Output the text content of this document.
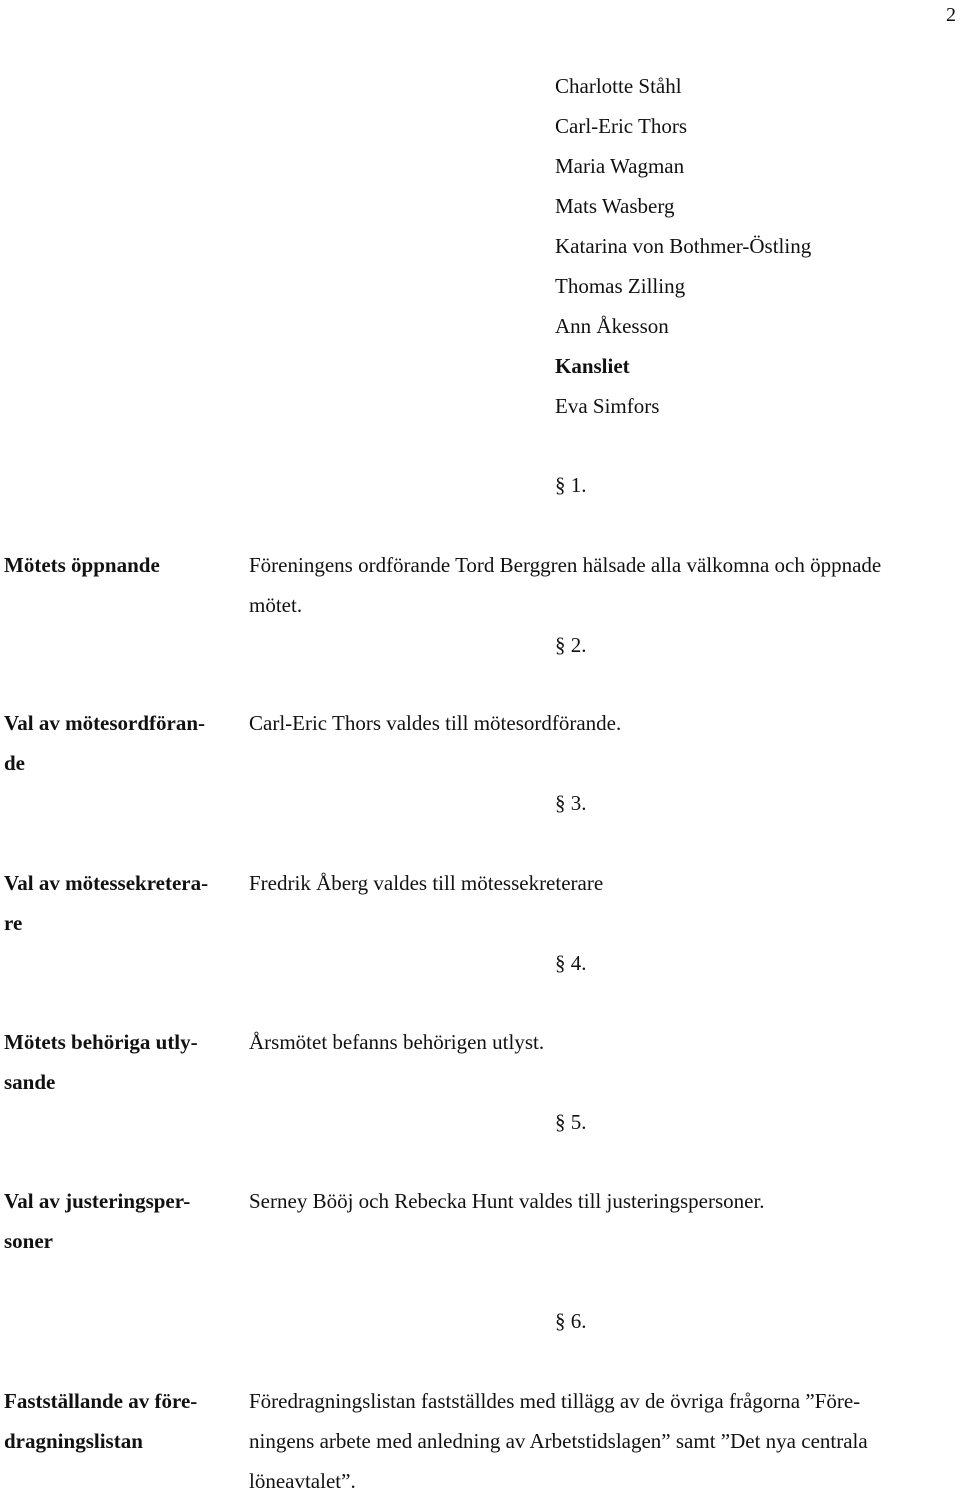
2
Charlotte Ståhl
Carl-Eric Thors
Maria Wagman
Mats Wasberg
Katarina von Bothmer-Östling
Thomas Zilling
Ann Åkesson
Kansliet
Eva Simfors
§ 1.
Mötets öppnande	Föreningens ordförande Tord Berggren hälsade alla välkomna och öppnade
mötet.
§ 2.
Val av mötesordföran-
de
Carl-Eric Thors valdes till mötesordförande.
§ 3.
Val av mötessekretera-
re
Fredrik Åberg valdes till mötessekreterare
§ 4.
Mötets behöriga utly-
sande
Årsmötet befanns behörigen utlyst.
§ 5.
Val av justeringsper-
soner
Serney Bööj och Rebecka Hunt valdes till justeringspersoner.
§ 6.
Fastställande av före-
dragningslistan
Föredragningslistan fastställdes med tillägg av de övriga frågorna ”Före-
ningens arbete med anledning av Arbetstidslagen” samt ”Det nya centrala
löneavtalet”.
